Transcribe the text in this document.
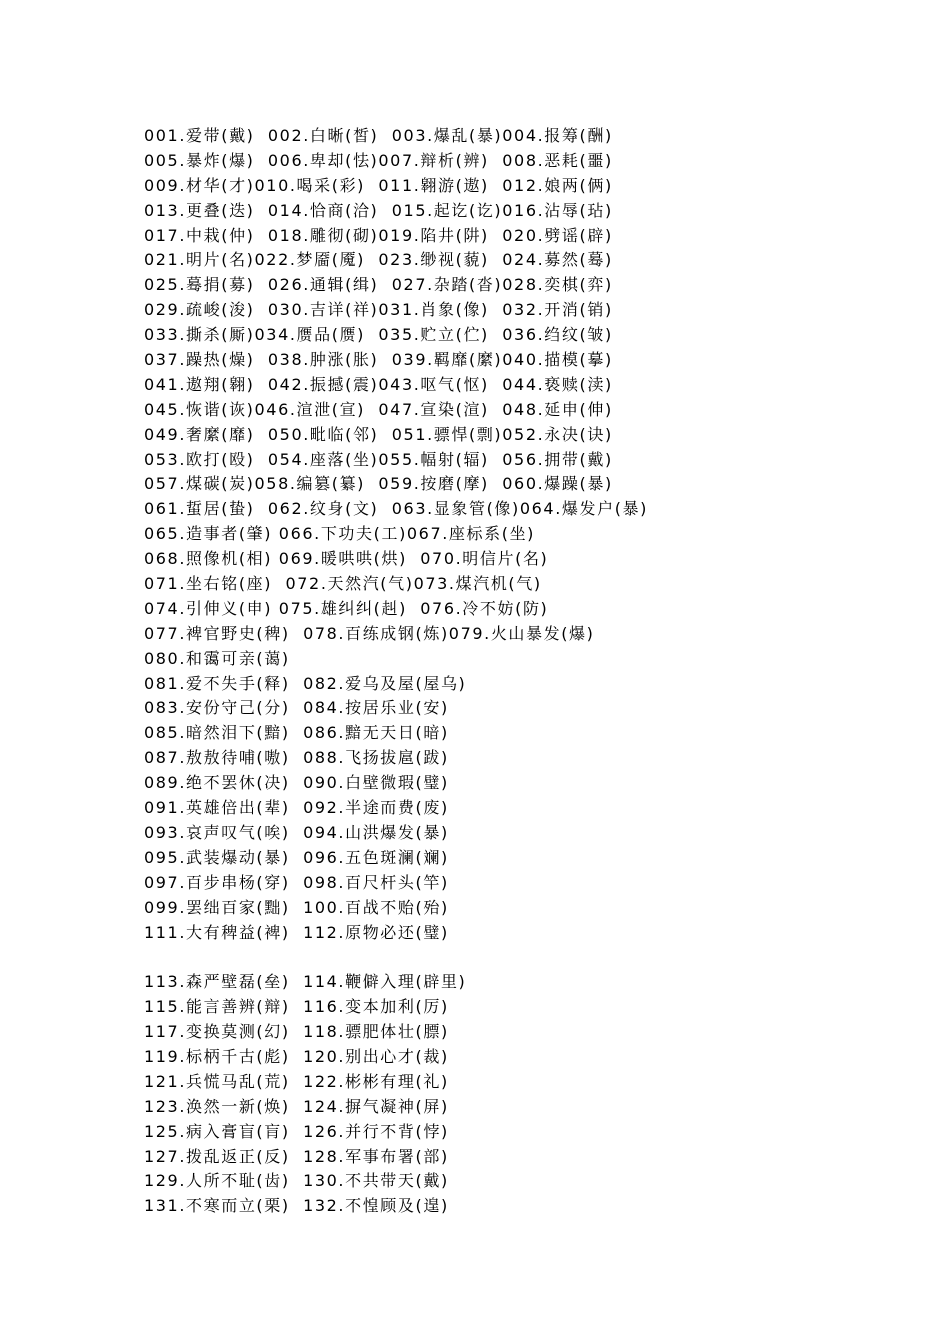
001.爱带(戴)  002.白晰(皙)  003.爆乱(暴)004.报筹(酬)
005.暴炸(爆)  006.卑却(怯)007.辩析(辨)  008.恶耗(噩)
009.材华(才)010.喝采(彩)  011.翱游(遨)  012.娘两(俩)
013.更叠(迭)  014.恰商(洽)  015.起讫(讫)016.沾辱(玷)
017.中栽(仲)  018.雕彻(砌)019.陷井(阱)  020.劈谣(辟)
021.明片(名)022.梦靥(魇)  023.缈视(藐)  024.募然(蓦)
025.蓦捐(募)  026.通辑(缉)  027.杂踏(沓)028.奕棋(弈)
029.疏峻(浚)  030.吉详(祥)031.肖象(像)  032.开消(销)
033.撕杀(厮)034.赝品(赝)  035.贮立(伫)  036.绉纹(皱)
037.躁热(燥)  038.肿涨(胀)  039.羁靡(縻)040.描模(摹)
041.遨翔(翱)  042.振撼(震)043.呕气(怄)  044.亵赎(渎)
045.恢谐(诙)046.渲泄(宣)  047.宣染(渲)  048.延申(伸)
049.奢縻(靡)  050.毗临(邻)  051.骠悍(剽)052.永决(诀)
053.欧打(殴)  054.座落(坐)055.幅射(辐)  056.拥带(戴)
057.煤碳(炭)058.编篡(纂)  059.按磨(摩)  060.爆躁(暴)
061.蜇居(蛰)  062.纹身(文)  063.显象管(像)064.爆发户(暴)
065.造事者(肇) 066.下功夫(工)067.座标系(坐)
068.照像机(相) 069.暖哄哄(烘)  070.明信片(名)
071.坐右铭(座)  072.天然汽(气)073.煤汽机(气)
074.引伸义(申) 075.雄纠纠(赳)  076.冷不妨(防)
077.裨官野史(稗)  078.百练成钢(炼)079.火山暴发(爆)
080.和霭可亲(蔼)
081.爱不失手(释)  082.爱乌及屋(屋乌)
083.安份守己(分)  084.按居乐业(安)
085.暗然泪下(黯)  086.黯无天日(暗)
087.敖敖待哺(嗷)  088.飞扬拔扈(跋)
089.绝不罢休(决)  090.白壁微瑕(璧)
091.英雄倍出(辈)  092.半途而费(废)
093.哀声叹气(唉)  094.山洪爆发(暴)
095.武装爆动(暴)  096.五色斑澜(斓)
097.百步串杨(穿)  098.百尺杆头(竿)
099.罢绌百家(黜)  100.百战不贻(殆)
111.大有稗益(裨)  112.原物必还(璧)
113.森严壁磊(垒)  114.鞭僻入理(辟里)
115.能言善辨(辩)  116.变本加利(厉)
117.变换莫测(幻)  118.骠肥体壮(膘)
119.标柄千古(彪)  120.别出心才(裁)
121.兵慌马乱(荒)  122.彬彬有理(礼)
123.涣然一新(焕)  124.摒气凝神(屏)
125.病入膏盲(肓)  126.并行不背(悖)
127.拨乱返正(反)  128.军事布署(部)
129.人所不耻(齿)  130.不共带天(戴)
131.不寒而立(栗)  132.不惶顾及(遑)
